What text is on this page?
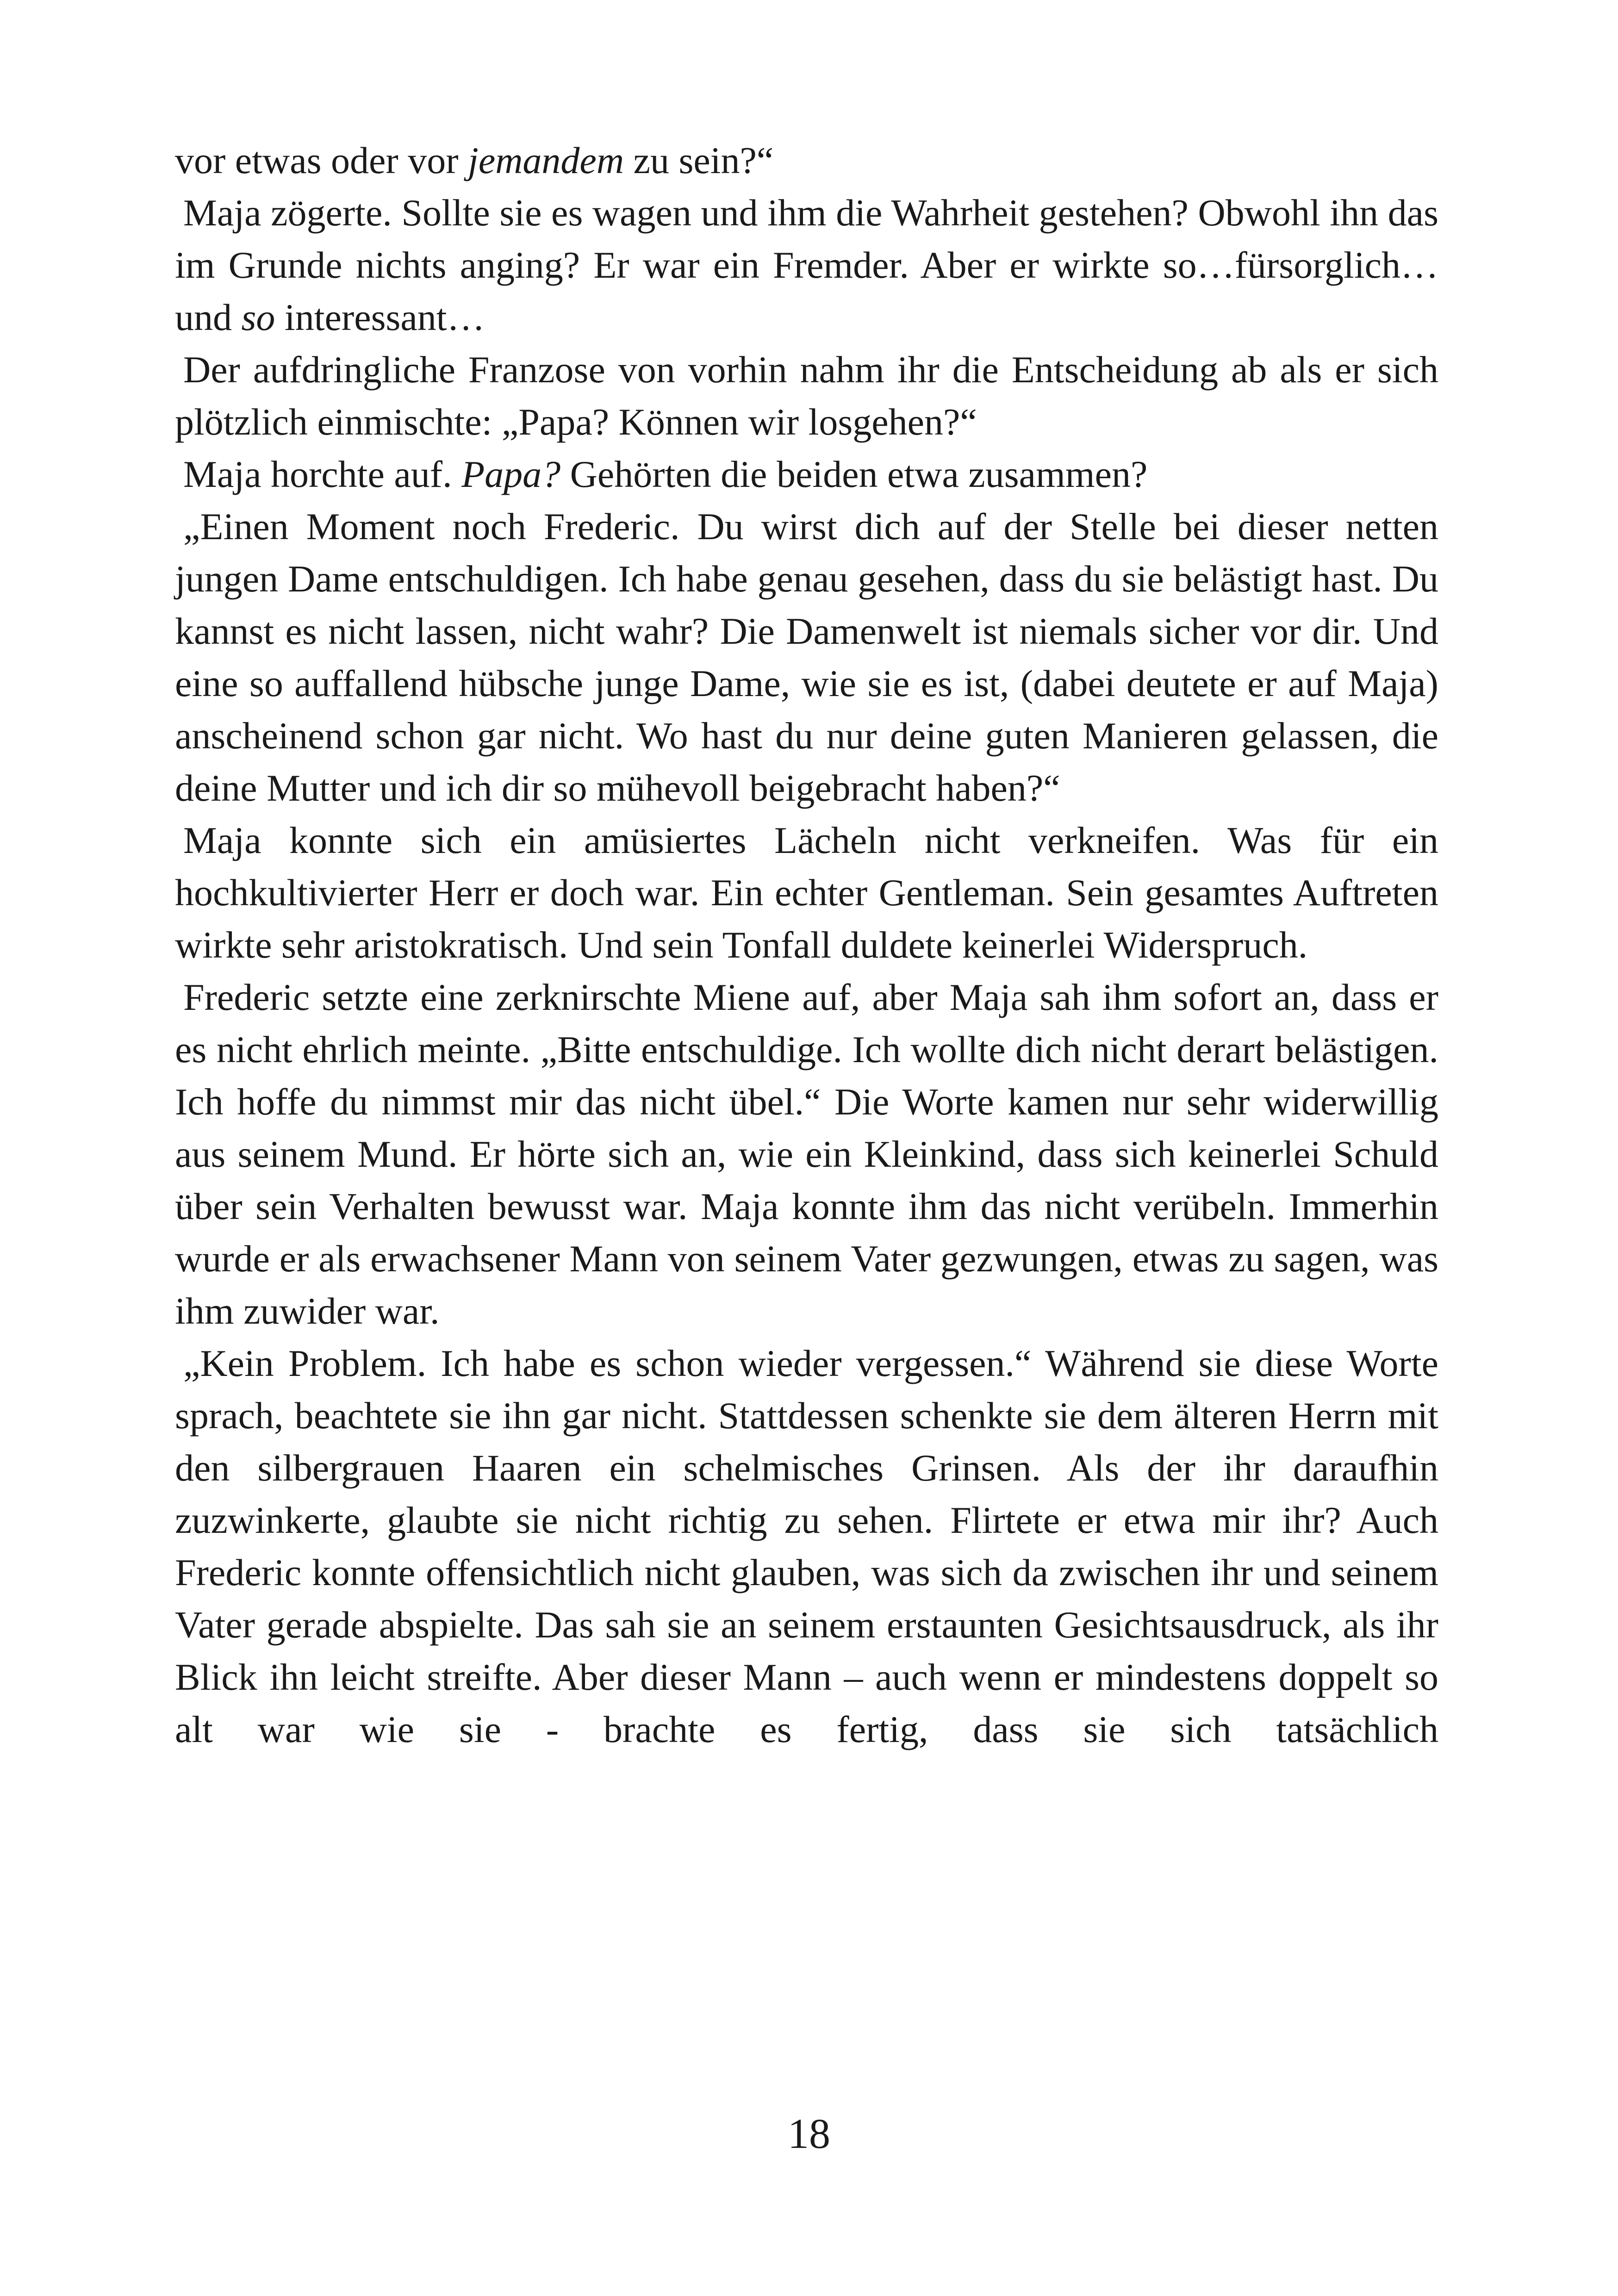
vor etwas oder vor jemandem zu sein?“

Maja zögerte. Sollte sie es wagen und ihm die Wahrheit gestehen? Obwohl ihn das im Grunde nichts anging? Er war ein Fremder. Aber er wirkte so…fürsorglich…und so interessant…

Der aufdringliche Franzose von vorhin nahm ihr die Entscheidung ab als er sich plötzlich einmischte: „Papa? Können wir losgehen?“

Maja horchte auf. Papa? Gehörten die beiden etwa zusammen?

„Einen Moment noch Frederic. Du wirst dich auf der Stelle bei dieser netten jungen Dame entschuldigen. Ich habe genau gesehen, dass du sie belästigt hast. Du kannst es nicht lassen, nicht wahr? Die Damenwelt ist niemals sicher vor dir. Und eine so auffallend hübsche junge Dame, wie sie es ist, (dabei deutete er auf Maja) anscheinend schon gar nicht. Wo hast du nur deine guten Manieren gelassen, die deine Mutter und ich dir so mühevoll beigebracht haben?“

Maja konnte sich ein amüsiertes Lächeln nicht verkneifen. Was für ein hochkultivierter Herr er doch war. Ein echter Gentleman. Sein gesamtes Auftreten wirkte sehr aristokratisch. Und sein Tonfall duldete keinerlei Widerspruch.

Frederic setzte eine zerknirschte Miene auf, aber Maja sah ihm sofort an, dass er es nicht ehrlich meinte. „Bitte entschuldige. Ich wollte dich nicht derart belästigen. Ich hoffe du nimmst mir das nicht übel.“ Die Worte kamen nur sehr widerwillig aus seinem Mund. Er hörte sich an, wie ein Kleinkind, dass sich keinerlei Schuld über sein Verhalten bewusst war. Maja konnte ihm das nicht verübeln. Immerhin wurde er als erwachsener Mann von seinem Vater gezwungen, etwas zu sagen, was ihm zuwider war.

„Kein Problem. Ich habe es schon wieder vergessen.“ Während sie diese Worte sprach, beachtete sie ihn gar nicht. Stattdessen schenkte sie dem älteren Herrn mit den silbergrauen Haaren ein schelmisches Grinsen. Als der ihr daraufhin zuzwinkerte, glaubte sie nicht richtig zu sehen. Flirtete er etwa mir ihr? Auch Frederic konnte offensichtlich nicht glauben, was sich da zwischen ihr und seinem Vater gerade abspielte. Das sah sie an seinem erstaunten Gesichtsausdruck, als ihr Blick ihn leicht streifte. Aber dieser Mann – auch wenn er mindestens doppelt so alt war wie sie - brachte es fertig, dass sie sich tatsächlich

18
